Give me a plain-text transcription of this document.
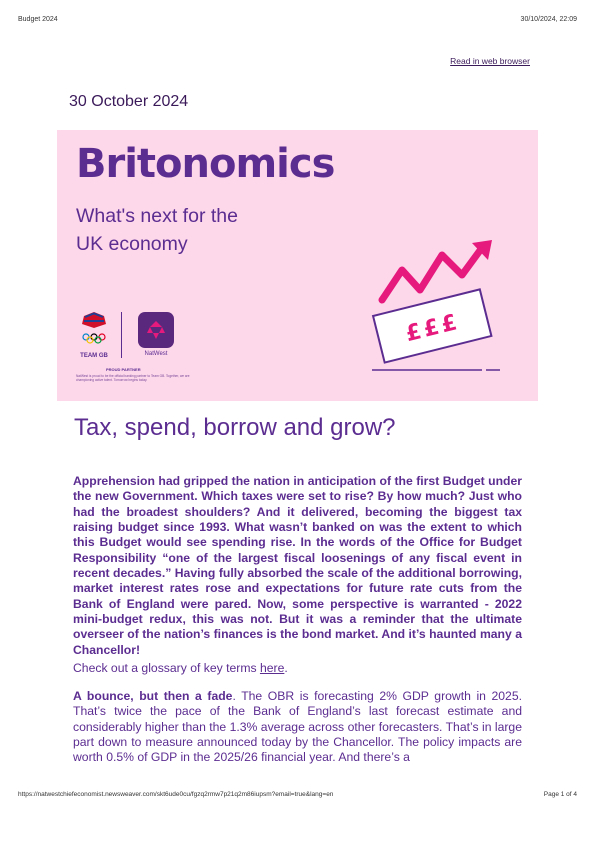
Budget 2024	30/10/2024, 22:09
Read in web browser
30 October 2024
Britonomics
What's next for the
UK economy
TEAM GB	NatWest
PROUD PARTNER
NatWest is proud to be the official banking partner to Team GB. Together, we are championing active talent. Tomorrow begins today.
£££
Tax, spend, borrow and grow?

Apprehension had gripped the nation in anticipation of the first Budget under the new Government. Which taxes were set to rise? By how much? Just who had the broadest shoulders? And it delivered, becoming the biggest tax raising budget since 1993. What wasn’t banked on was the extent to which this Budget would see spending rise. In the words of the Office for Budget Responsibility “one of the largest fiscal loosenings of any fiscal event in recent decades.” Having fully absorbed the scale of the additional borrowing, market interest rates rose and expectations for future rate cuts from the Bank of England were pared. Now, some perspective is warranted - 2022 mini-budget redux, this was not. But it was a reminder that the ultimate overseer of the nation’s finances is the bond market. And it’s haunted many a Chancellor!

Check out a glossary of key terms here.

A bounce, but then a fade. The OBR is forecasting 2% GDP growth in 2025. That’s twice the pace of the Bank of England’s last forecast estimate and considerably higher than the 1.3% average across other forecasters. That’s in large part down to measure announced today by the Chancellor. The policy impacts are worth 0.5% of GDP in the 2025/26 financial year. And there’s a

https://natwestchiefeconomist.newsweaver.com/skt6ude0cu/fgzq2rmw7p21q2m86iupsm?email=true&lang=en	Page 1 of 4
